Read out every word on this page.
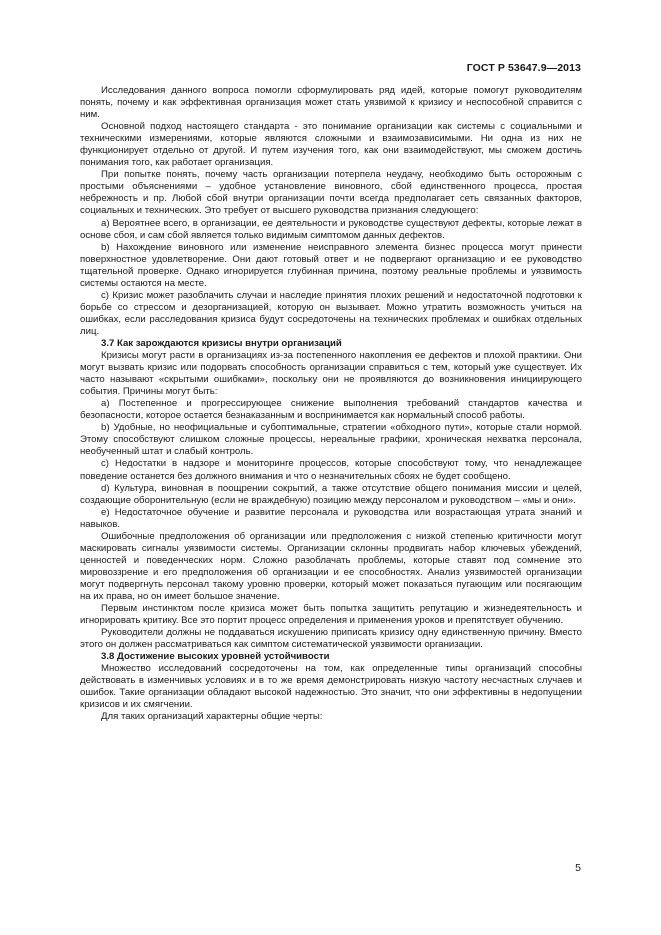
ГОСТ Р 53647.9—2013

Исследования данного вопроса помогли сформулировать ряд идей, которые помогут руководителям понять, почему и как эффективная организация может стать уязвимой к кризису и неспособной справится с ним.

Основной подход настоящего стандарта - это понимание организации как системы с социальными и техническими измерениями, которые являются сложными и взаимозависимыми. Ни одна из них не функционирует отдельно от другой. И путем изучения того, как они взаимодействуют, мы сможем достичь понимания того, как работает организация.

При попытке понять, почему часть организации потерпела неудачу, необходимо быть осторожным с простыми объяснениями – удобное установление виновного, сбой единственного процесса, простая небрежность и пр. Любой сбой внутри организации почти всегда предполагает сеть связанных факторов, социальных и технических. Это требует от высшего руководства признания следующего:

a) Вероятнее всего, в организации, ее деятельности и руководстве существуют дефекты, которые лежат в основе сбоя, и сам сбой является только видимым симптомом данных дефектов.

b) Нахождение виновного или изменение неисправного элемента бизнес процесса могут принести поверхностное удовлетворение. Они дают готовый ответ и не подвергают организацию и ее руководство тщательной проверке. Однако игнорируется глубинная причина, поэтому реальные проблемы и уязвимость системы остаются на месте.

c) Кризис может разоблачить случаи и наследие принятия плохих решений и недостаточной подготовки к борьбе со стрессом и дезорганизацией, которую он вызывает. Можно утратить возможность учиться на ошибках, если расследования кризиса будут сосредоточены на технических проблемах и ошибках отдельных лиц.

3.7 Как зарождаются кризисы внутри организаций

Кризисы могут расти в организациях из-за постепенного накопления ее дефектов и плохой практики. Они могут вызвать кризис или подорвать способность организации справиться с тем, который уже существует. Их часто называют «скрытыми ошибками», поскольку они не проявляются до возникновения инициирующего события. Причины могут быть:

a) Постепенное и прогрессирующее снижение выполнения требований стандартов качества и безопасности, которое остается безнаказанным и воспринимается как нормальный способ работы.

b) Удобные, но неофициальные и субоптимальные, стратегии «обходного пути», которые стали нормой. Этому способствуют слишком сложные процессы, нереальные графики, хроническая нехватка персонала, необученный штат и слабый контроль.

c) Недостатки в надзоре и мониторинге процессов, которые способствуют тому, что ненадлежащее поведение останется без должного внимания и что о незначительных сбоях не будет сообщено.

d) Культура, виновная в поощрении сокрытий, а также отсутствие общего понимания миссии и целей, создающие оборонительную (если не враждебную) позицию между персоналом и руководством – «мы и они».

e) Недостаточное обучение и развитие персонала и руководства или возрастающая утрата знаний и навыков.

Ошибочные предположения об организации или предположения с низкой степенью критичности могут маскировать сигналы уязвимости системы. Организации склонны продвигать набор ключевых убеждений, ценностей и поведенческих норм. Сложно разоблачать проблемы, которые ставят под сомнение это мировоззрение и его предположения об организации и ее способностях. Анализ уязвимостей организации могут подвергнуть персонал такому уровню проверки, который может показаться пугающим или посягающим на их права, но он имеет большое значение.

Первым инстинктом после кризиса может быть попытка защитить репутацию и жизнедеятельность и игнорировать критику. Все это портит процесс определения и применения уроков и препятствует обучению.

Руководители должны не поддаваться искушению приписать кризису одну единственную причину. Вместо этого он должен рассматриваться как симптом систематической уязвимости организации.

3.8 Достижение высоких уровней устойчивости

Множество исследований сосредоточены на том, как определенные типы организаций способны действовать в изменчивых условиях и в то же время демонстрировать низкую частоту несчастных случаев и ошибок. Такие организации обладают высокой надежностью. Это значит, что они эффективны в недопущении кризисов и их смягчении.

Для таких организаций характерны общие черты:

5
